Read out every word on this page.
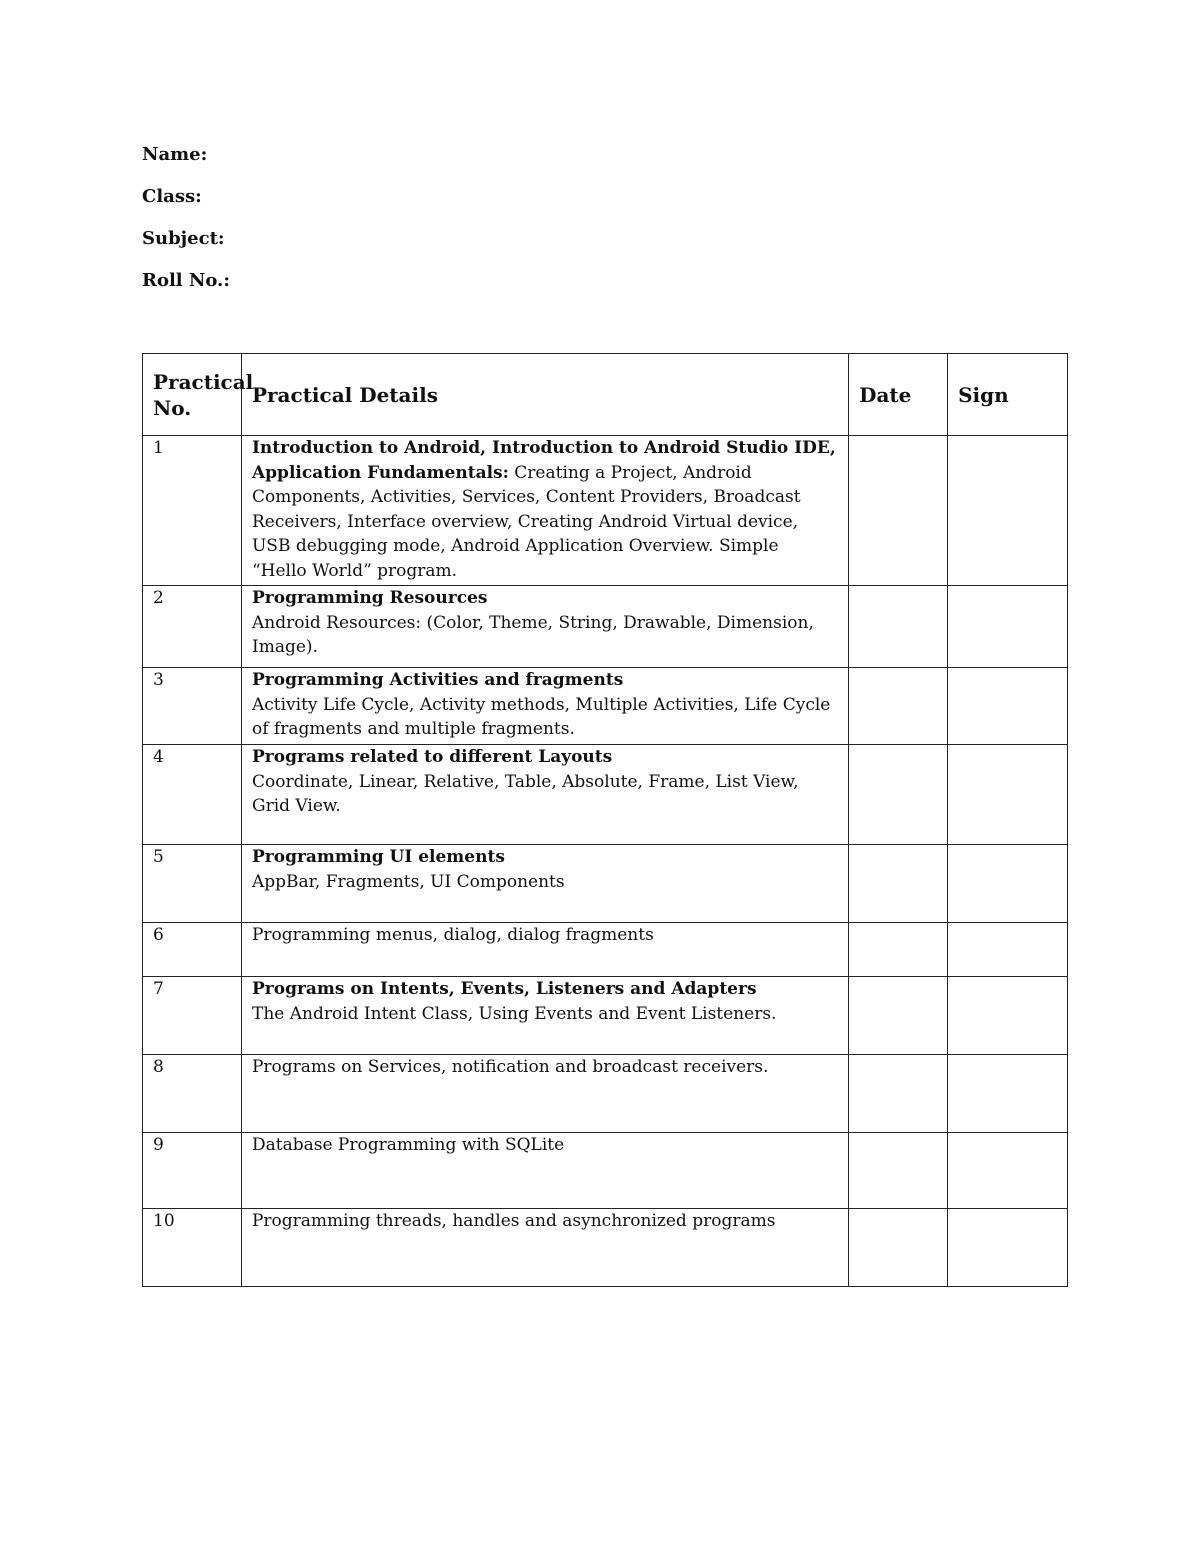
Name:
Class:
Subject:
Roll No.:
Practical No.	Practical Details	Date	Sign
1	Introduction to Android, Introduction to Android Studio IDE, Application Fundamentals: Creating a Project, Android Components, Activities, Services, Content Providers, Broadcast Receivers, Interface overview, Creating Android Virtual device, USB debugging mode, Android Application Overview. Simple “Hello World” program.		
2	Programming Resources
Android Resources: (Color, Theme, String, Drawable, Dimension, Image).		

3	Programming Activities and fragments
Activity Life Cycle, Activity methods, Multiple Activities, Life Cycle of fragments and multiple fragments.		

4	Programs related to different Layouts
Coordinate, Linear, Relative, Table, Absolute, Frame, List View, Grid View.		

5	Programming UI elements
AppBar, Fragments, UI Components		

6	Programming menus, dialog, dialog fragments		

7	Programs on Intents, Events, Listeners and Adapters
The Android Intent Class, Using Events and Event Listeners.		

8	Programs on Services, notification and broadcast receivers.		

9	Database Programming with SQLite		

10	Programming threads, handles and asynchronized programs		
